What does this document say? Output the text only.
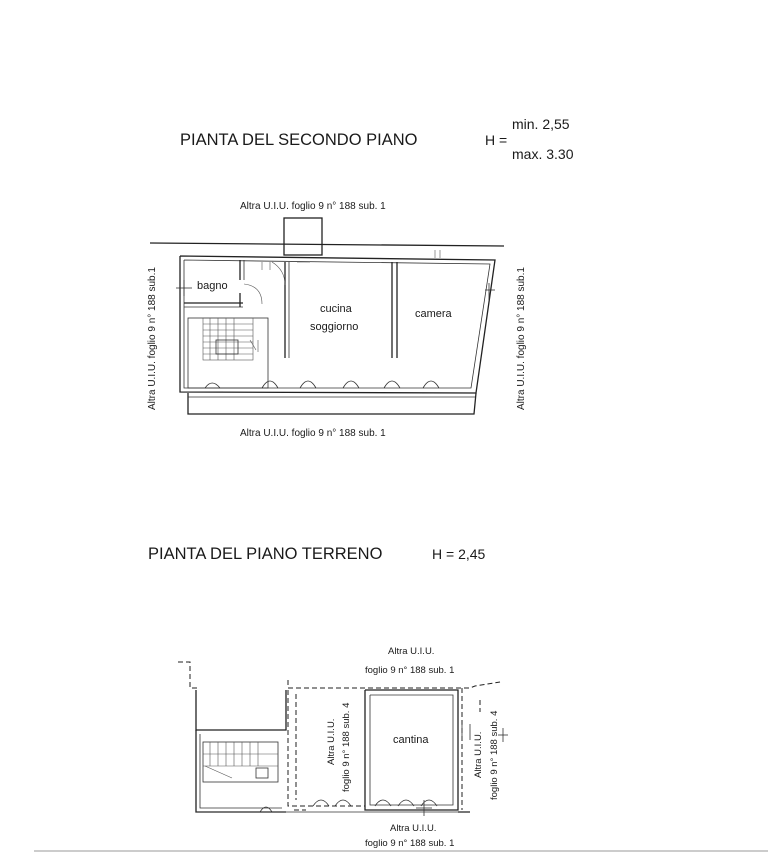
PIANTA DEL SECONDO PIANO	H =
min. 2,55
max. 3.30
Altra U.I.U. foglio 9 n° 188 sub. 1
Altra U.I.U. foglio 9 n° 188 sub. 1
Altra U.I.U. foglio 9 n° 188 sub.1	Altra U.I.U. foglio 9 n° 188 sub.1
bagno
cucina
soggiorno
camera
PIANTA DEL PIANO TERRENO	H = 2,45
Altra U.I.U.
foglio 9 n° 188 sub. 1
Altra U.I.U.
foglio 9 n° 188 sub. 1
Altra U.I.U. foglio 9 n° 188 sub. 4	Altra U.I.U. foglio 9 n° 188 sub. 4
cantina
